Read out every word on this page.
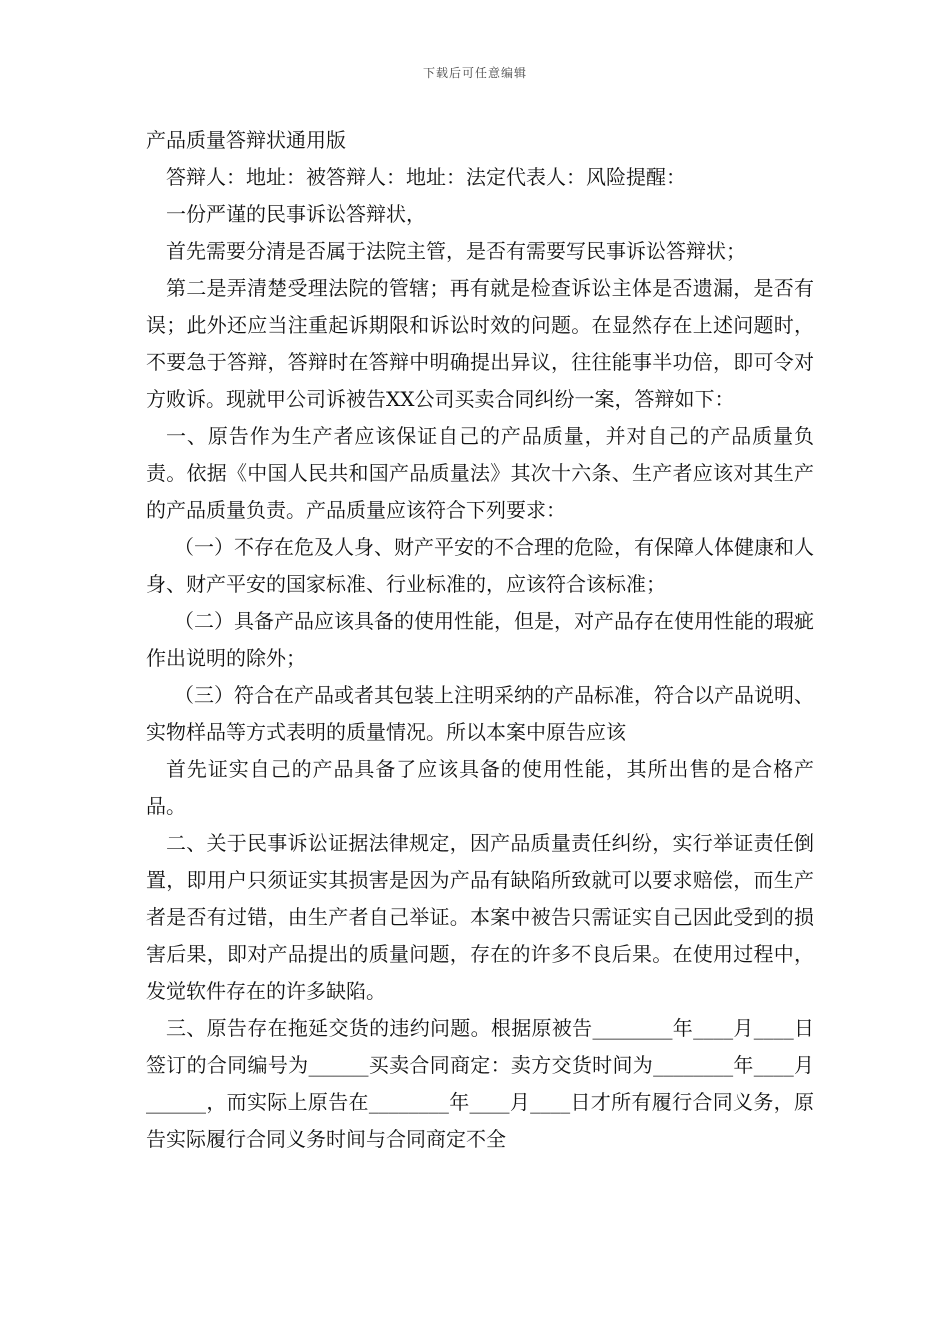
下载后可任意编辑

产品质量答辩状通用版

答辩人：地址：被答辩人：地址：法定代表人：风险提醒：

一份严谨的民事诉讼答辩状，

首先需要分清是否属于法院主管，是否有需要写民事诉讼答辩状；

第二是弄清楚受理法院的管辖；再有就是检查诉讼主体是否遗漏，是否有误；此外还应当注重起诉期限和诉讼时效的问题。在显然存在上述问题时，不要急于答辩，答辩时在答辩中明确提出异议，往往能事半功倍，即可令对方败诉。现就甲公司诉被告XX公司买卖合同纠纷一案，答辩如下：

一、原告作为生产者应该保证自己的产品质量，并对自己的产品质量负责。依据《中国人民共和国产品质量法》其次十六条、生产者应该对其生产的产品质量负责。产品质量应该符合下列要求：

（一）不存在危及人身、财产平安的不合理的危险，有保障人体健康和人身、财产平安的国家标准、行业标准的，应该符合该标准；

（二）具备产品应该具备的使用性能，但是，对产品存在使用性能的瑕疵作出说明的除外；

（三）符合在产品或者其包装上注明采纳的产品标准，符合以产品说明、实物样品等方式表明的质量情况。所以本案中原告应该

首先证实自己的产品具备了应该具备的使用性能，其所出售的是合格产品。

二、关于民事诉讼证据法律规定，因产品质量责任纠纷，实行举证责任倒置，即用户只须证实其损害是因为产品有缺陷所致就可以要求赔偿，而生产者是否有过错，由生产者自己举证。本案中被告只需证实自己因此受到的损害后果，即对产品提出的质量问题，存在的许多不良后果。在使用过程中，发觉软件存在的许多缺陷。

三、原告存在拖延交货的违约问题。根据原被告________年____月____日签订的合同编号为______买卖合同商定：卖方交货时间为________年____月______，而实际上原告在________年____月____日才所有履行合同义务，原告实际履行合同义务时间与合同商定不全
